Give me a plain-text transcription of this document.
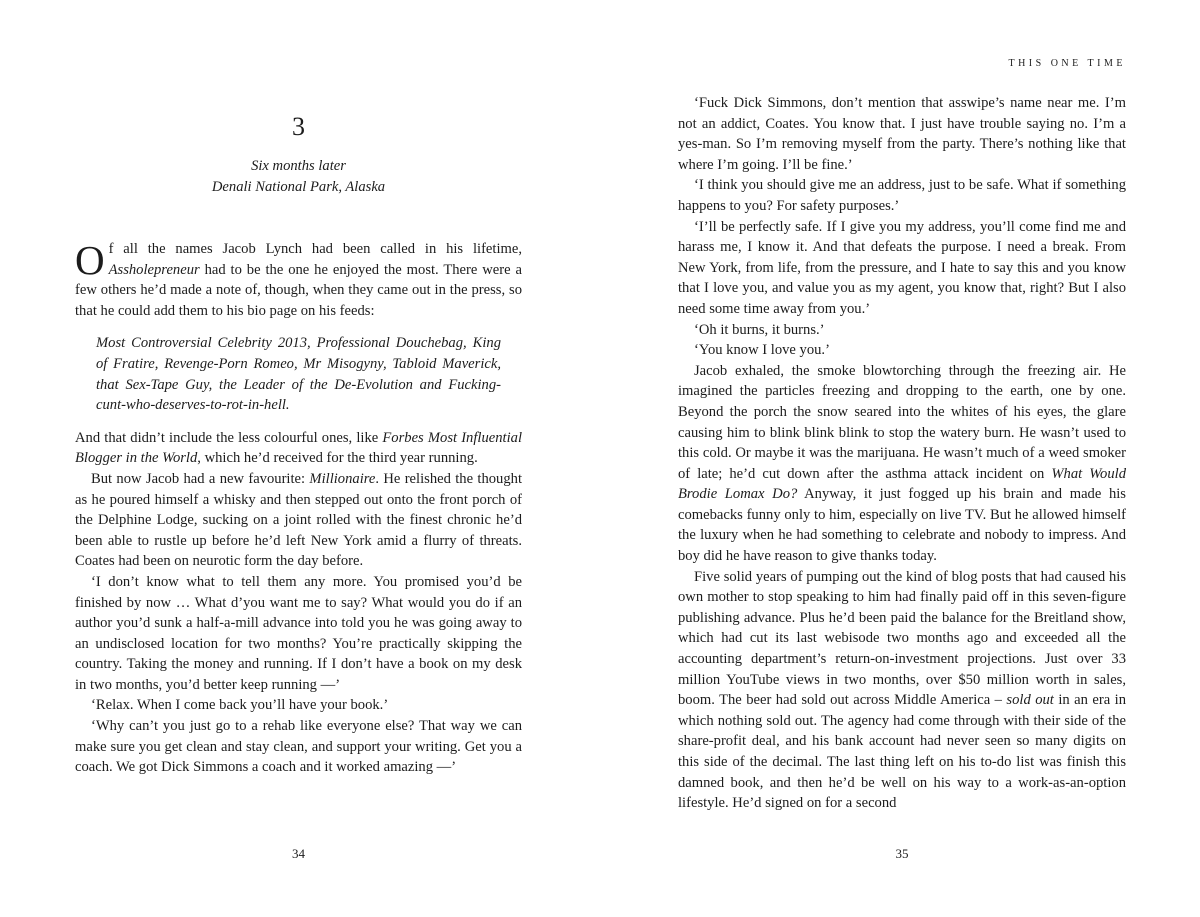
3
Six months later
Denali National Park, Alaska

Of all the names Jacob Lynch had been called in his lifetime, Assholepreneur had to be the one he enjoyed the most. There were a few others he’d made a note of, though, when they came out in the press, so that he could add them to his bio page on his feeds:

Most Controversial Celebrity 2013, Professional Douchebag, King of Fratire, Revenge-Porn Romeo, Mr Misogyny, Tabloid Maverick, that Sex-Tape Guy, the Leader of the De-Evolution and Fucking-cunt-who-deserves-to-rot-in-hell.

And that didn’t include the less colourful ones, like Forbes Most Influential Blogger in the World, which he’d received for the third year running.

But now Jacob had a new favourite: Millionaire. He relished the thought as he poured himself a whisky and then stepped out onto the front porch of the Delphine Lodge, sucking on a joint rolled with the finest chronic he’d been able to rustle up before he’d left New York amid a flurry of threats. Coates had been on neurotic form the day before.

‘I don’t know what to tell them any more. You promised you’d be finished by now … What d’you want me to say? What would you do if an author you’d sunk a half-a-mill advance into told you he was going away to an undisclosed location for two months? You’re practically skipping the country. Taking the money and running. If I don’t have a book on my desk in two months, you’d better keep running —’

‘Relax. When I come back you’ll have your book.’

‘Why can’t you just go to a rehab like everyone else? That way we can make sure you get clean and stay clean, and support your writing. Get you a coach. We got Dick Simmons a coach and it worked amazing —’

34
THIS ONE TIME

‘Fuck Dick Simmons, don’t mention that asswipe’s name near me. I’m not an addict, Coates. You know that. I just have trouble saying no. I’m a yes-man. So I’m removing myself from the party. There’s nothing like that where I’m going. I’ll be fine.’

‘I think you should give me an address, just to be safe. What if something happens to you? For safety purposes.’

‘I’ll be perfectly safe. If I give you my address, you’ll come find me and harass me, I know it. And that defeats the purpose. I need a break. From New York, from life, from the pressure, and I hate to say this and you know that I love you, and value you as my agent, you know that, right? But I also need some time away from you.’

‘Oh it burns, it burns.’

‘You know I love you.’

Jacob exhaled, the smoke blowtorching through the freezing air. He imagined the particles freezing and dropping to the earth, one by one. Beyond the porch the snow seared into the whites of his eyes, the glare causing him to blink blink blink to stop the watery burn. He wasn’t used to this cold. Or maybe it was the marijuana. He wasn’t much of a weed smoker of late; he’d cut down after the asthma attack incident on What Would Brodie Lomax Do? Anyway, it just fogged up his brain and made his comebacks funny only to him, especially on live TV. But he allowed himself the luxury when he had something to celebrate and nobody to impress. And boy did he have reason to give thanks today.

Five solid years of pumping out the kind of blog posts that had caused his own mother to stop speaking to him had finally paid off in this seven-figure publishing advance. Plus he’d been paid the balance for the Breitland show, which had cut its last webisode two months ago and exceeded all the accounting department’s return-on-investment projections. Just over 33 million YouTube views in two months, over $50 million worth in sales, boom. The beer had sold out across Middle America – sold out in an era in which nothing sold out. The agency had come through with their side of the share-profit deal, and his bank account had never seen so many digits on this side of the decimal. The last thing left on his to-do list was finish this damned book, and then he’d be well on his way to a work-as-an-option lifestyle. He’d signed on for a second

35
